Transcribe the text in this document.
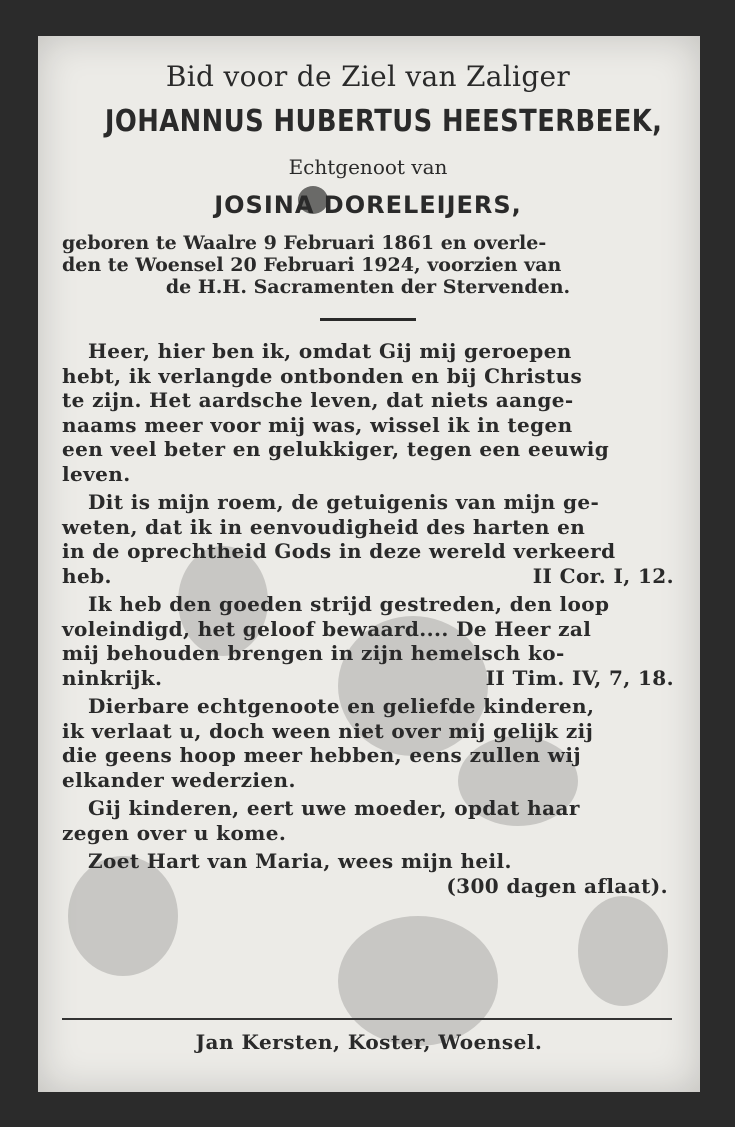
Bid voor de Ziel van Zaliger

JOHANNUS HUBERTUS HEESTERBEEK,

Echtgenoot van

JOSINA DORELEIJERS,

geboren te Waalre 9 Februari 1861 en overle-
den te Woensel 20 Februari 1924, voorzien van
de H.H. Sacramenten der Stervenden.

Heer, hier ben ik, omdat Gij mij geroepen
hebt, ik verlangde ontbonden en bij Christus
te zijn. Het aardsche leven, dat niets aange-
naams meer voor mij was, wissel ik in tegen
een veel beter en gelukkiger, tegen een eeuwig
leven.
Dit is mijn roem, de getuigenis van mijn ge-
weten, dat ik in eenvoudigheid des harten en
in de oprechtheid Gods in deze wereld verkeerd
heb.	II Cor. I, 12.
Ik heb den goeden strijd gestreden, den loop
voleindigd, het geloof bewaard.... De Heer zal
mij behouden brengen in zijn hemelsch ko-
ninkrijk.	II Tim. IV, 7, 18.
Dierbare echtgenoote en geliefde kinderen,
ik verlaat u, doch ween niet over mij gelijk zij
die geens hoop meer hebben, eens zullen wij
elkander wederzien.
Gij kinderen, eert uwe moeder, opdat haar
zegen over u kome.
Zoet Hart van Maria, wees mijn heil.
(300 dagen aflaat).
Jan Kersten, Koster, Woensel.
